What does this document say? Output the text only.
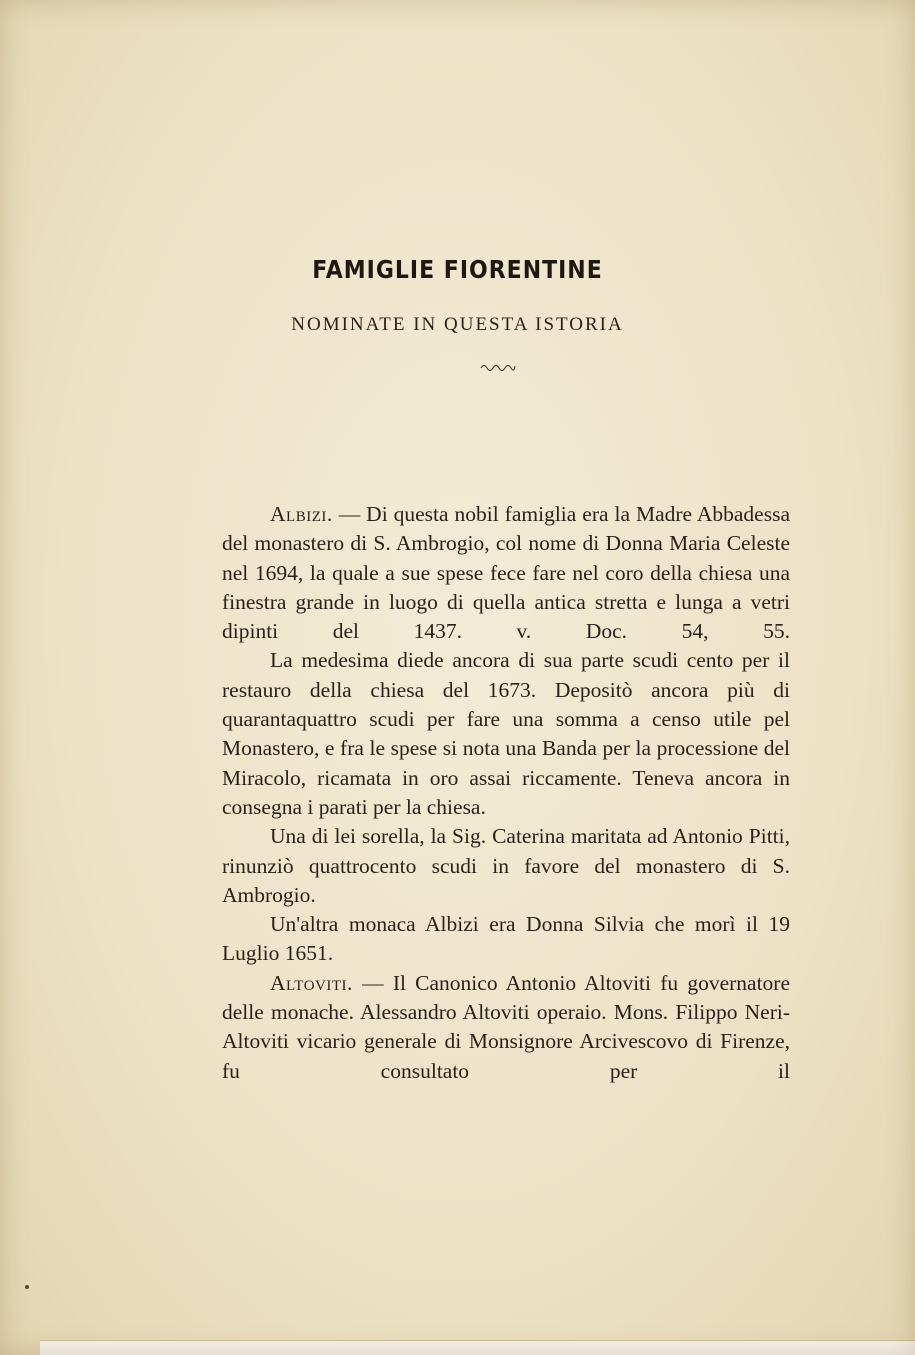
FAMIGLIE FIORENTINE
NOMINATE IN QUESTA ISTORIA

Albizi. — Di questa nobil famiglia era la Madre Abbadessa del monastero di S. Ambrogio, col nome di Donna Maria Celeste nel 1694, la quale a sue spese fece fare nel coro della chiesa una finestra grande in luogo di quella antica stretta e lunga a vetri dipinti del 1437. v. Doc. 54, 55.

La medesima diede ancora di sua parte scudi cento per il restauro della chiesa del 1673. Depositò ancora più di quarantaquattro scudi per fare una somma a censo utile pel Monastero, e fra le spese si nota una Banda per la processione del Miracolo, ricamata in oro assai riccamente. Teneva ancora in consegna i parati per la chiesa.

Una di lei sorella, la Sig. Caterina maritata ad Antonio Pitti, rinunziò quattrocento scudi in favore del monastero di S. Ambrogio.

Un'altra monaca Albizi era Donna Silvia che morì il 19 Luglio 1651.

Altoviti. — Il Canonico Antonio Altoviti fu governatore delle monache. Alessandro Altoviti operaio. Mons. Filippo Neri-Altoviti vicario generale di Monsignore Arcivescovo di Firenze, fu consultato per il
